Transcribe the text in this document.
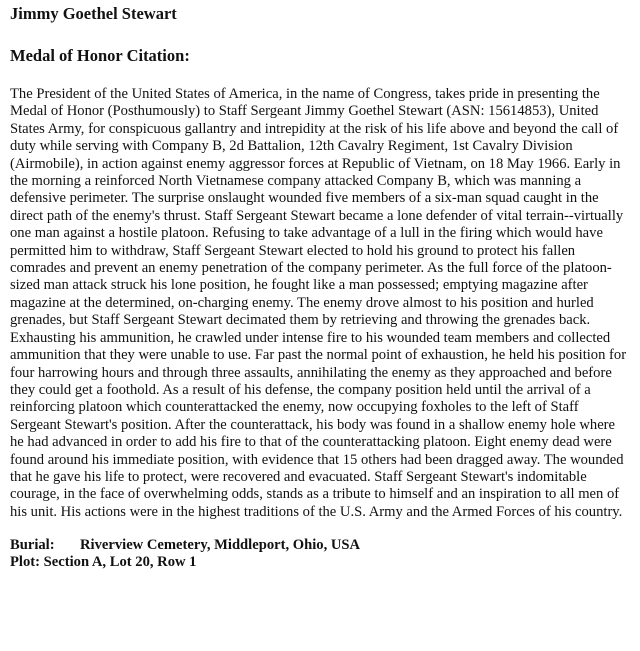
Jimmy Goethel Stewart
Medal of Honor Citation:

The President of the United States of America, in the name of Congress, takes pride in presenting the Medal of Honor (Posthumously) to Staff Sergeant Jimmy Goethel Stewart (ASN: 15614853), United States Army, for conspicuous gallantry and intrepidity at the risk of his life above and beyond the call of duty while serving with Company B, 2d Battalion, 12th Cavalry Regiment, 1st Cavalry Division (Airmobile), in action against enemy aggressor forces at Republic of Vietnam, on 18 May 1966. Early in the morning a reinforced North Vietnamese company attacked Company B, which was manning a defensive perimeter. The surprise onslaught wounded five members of a six-man squad caught in the direct path of the enemy's thrust. Staff Sergeant Stewart became a lone defender of vital terrain--virtually one man against a hostile platoon. Refusing to take advantage of a lull in the firing which would have permitted him to withdraw, Staff Sergeant Stewart elected to hold his ground to protect his fallen comrades and prevent an enemy penetration of the company perimeter. As the full force of the platoon-sized man attack struck his lone position, he fought like a man possessed; emptying magazine after magazine at the determined, on-charging enemy. The enemy drove almost to his position and hurled grenades, but Staff Sergeant Stewart decimated them by retrieving and throwing the grenades back. Exhausting his ammunition, he crawled under intense fire to his wounded team members and collected ammunition that they were unable to use. Far past the normal point of exhaustion, he held his position for four harrowing hours and through three assaults, annihilating the enemy as they approached and before they could get a foothold. As a result of his defense, the company position held until the arrival of a reinforcing platoon which counterattacked the enemy, now occupying foxholes to the left of Staff Sergeant Stewart's position. After the counterattack, his body was found in a shallow enemy hole where he had advanced in order to add his fire to that of the counterattacking platoon. Eight enemy dead were found around his immediate position, with evidence that 15 others had been dragged away. The wounded that he gave his life to protect, were recovered and evacuated. Staff Sergeant Stewart's indomitable courage, in the face of overwhelming odds, stands as a tribute to himself and an inspiration to all men of his unit. His actions were in the highest traditions of the U.S. Army and the Armed Forces of his country.

Burial: Riverview Cemetery, Middleport, Ohio, USA
Plot: Section A, Lot 20, Row 1
